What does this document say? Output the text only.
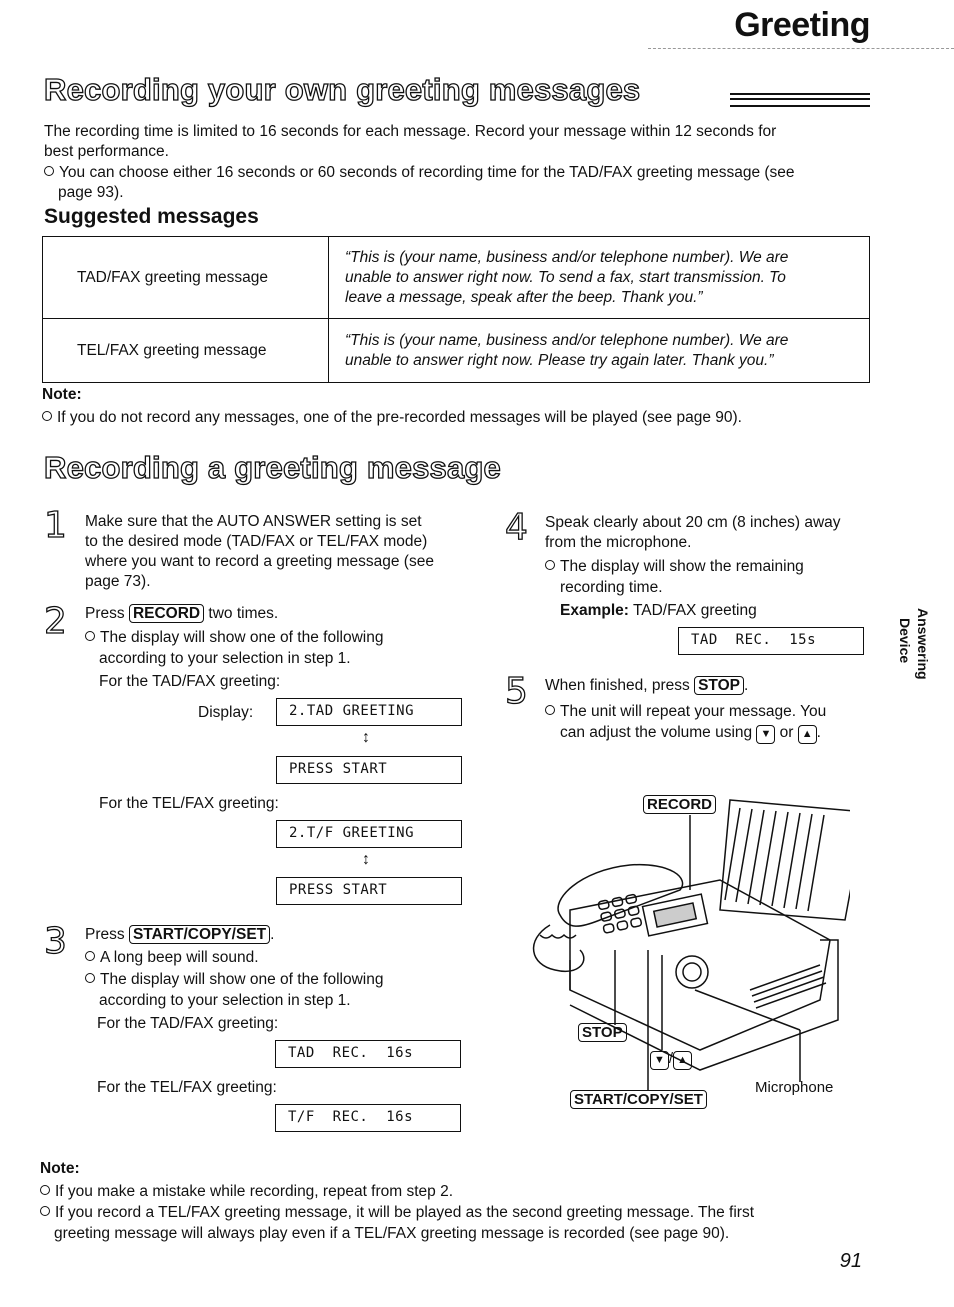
Greeting
Recording your own greeting messages
The recording time is limited to 16 seconds for each message. Record your message within 12 seconds for
best performance.
You can choose either 16 seconds or 60 seconds of recording time for the TAD/FAX greeting message (see
page 93).
Suggested messages
TAD/FAX greeting message	“This is (your name, business and/or telephone number). We are
unable to answer right now. To send a fax, start transmission. To
leave a message, speak after the beep. Thank you.”

TEL/FAX greeting message	“This is (your name, business and/or telephone number). We are
unable to answer right now. Please try again later. Thank you.”
Note:
If you do not record any messages, one of the pre-recorded messages will be played (see page 90).
Recording a greeting message
1 Make sure that the AUTO ANSWER setting is set
to the desired mode (TAD/FAX or TEL/FAX mode)
where you want to record a greeting message (see
page 73).
2 Press RECORD two times.
The display will show one of the following
according to your selection in step 1.
For the TAD/FAX greeting:
Display:	2.TAD GREETING
↕
PRESS START
For the TEL/FAX greeting:
2.T/F GREETING
↕
PRESS START
3 Press START/COPY/SET .
A long beep will sound.
The display will show one of the following
according to your selection in step 1.
For the TAD/FAX greeting:
TAD  REC.  16s
For the TEL/FAX greeting:
T/F  REC.  16s
4 Speak clearly about 20 cm (8 inches) away
from the microphone.
The display will show the remaining
recording time.
Example: TAD/FAX greeting
TAD  REC.  15s
5 When finished, press STOP .
The unit will repeat your message. You
can adjust the volume using ▼ or ▲ .
Answering
Device
RECORD
STOP
▼ / ▲
START/COPY/SET
Microphone
Note:
If you make a mistake while recording, repeat from step 2.
If you record a TEL/FAX greeting message, it will be played as the second greeting message. The first
greeting message will always play even if a TEL/FAX greeting message is recorded (see page 90).
91
